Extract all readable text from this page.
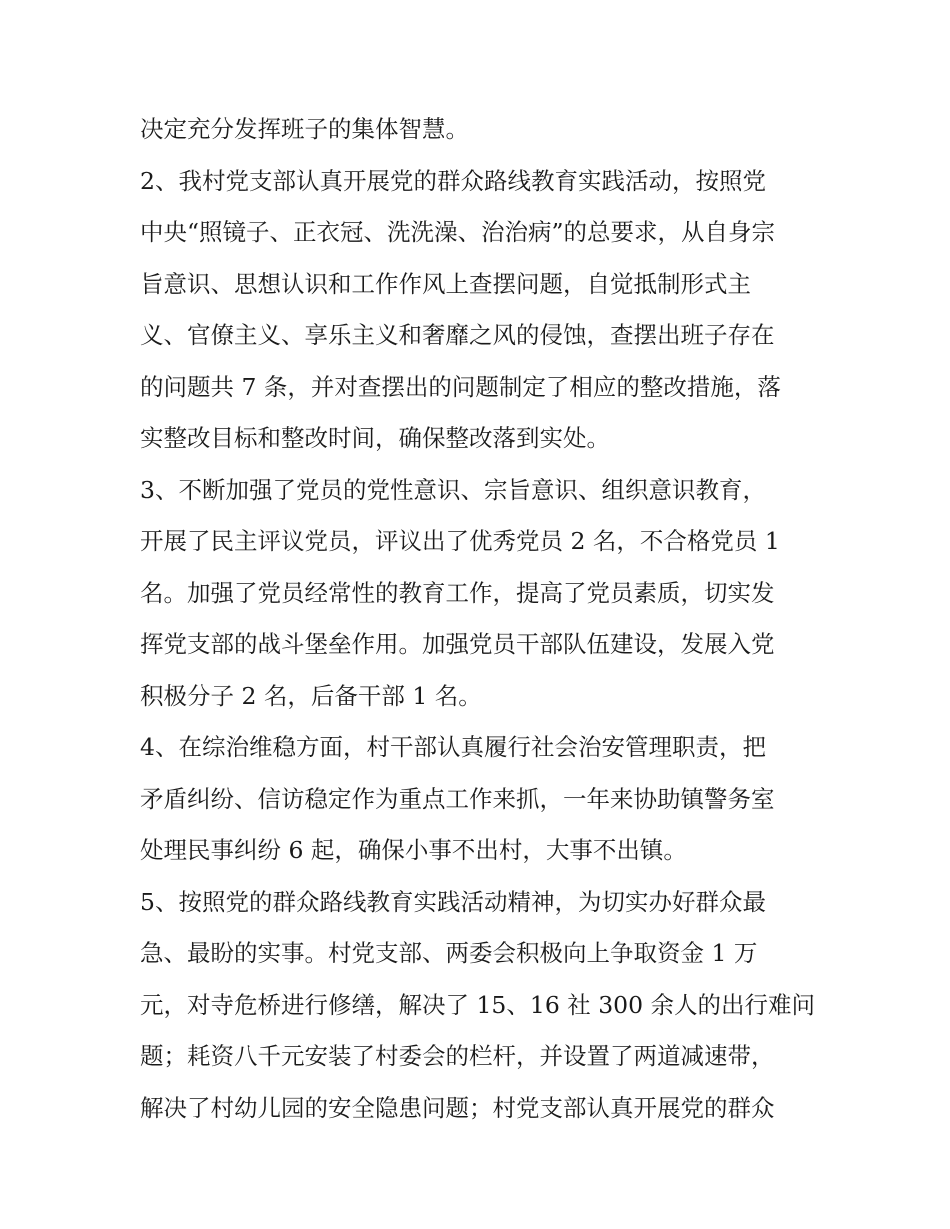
决定充分发挥班子的集体智慧。
2、我村党支部认真开展党的群众路线教育实践活动，按照党
中央“照镜子、正衣冠、洗洗澡、治治病”的总要求，从自身宗
旨意识、思想认识和工作作风上查摆问题，自觉抵制形式主
义、官僚主义、享乐主义和奢靡之风的侵蚀，查摆出班子存在
的问题共 7 条，并对查摆出的问题制定了相应的整改措施，落
实整改目标和整改时间，确保整改落到实处。
3、不断加强了党员的党性意识、宗旨意识、组织意识教育，
开展了民主评议党员，评议出了优秀党员 2 名，不合格党员 1
名。加强了党员经常性的教育工作，提高了党员素质，切实发
挥党支部的战斗堡垒作用。加强党员干部队伍建设，发展入党
积极分子 2 名，后备干部 1 名。
4、在综治维稳方面，村干部认真履行社会治安管理职责，把
矛盾纠纷、信访稳定作为重点工作来抓，一年来协助镇警务室
处理民事纠纷 6 起，确保小事不出村，大事不出镇。
5、按照党的群众路线教育实践活动精神，为切实办好群众最
急、最盼的实事。村党支部、两委会积极向上争取资金 1 万
元，对寺危桥进行修缮，解决了 15、16 社 300 余人的出行难问
题；耗资八千元安装了村委会的栏杆，并设置了两道减速带，
解决了村幼儿园的安全隐患问题；村党支部认真开展党的群众
